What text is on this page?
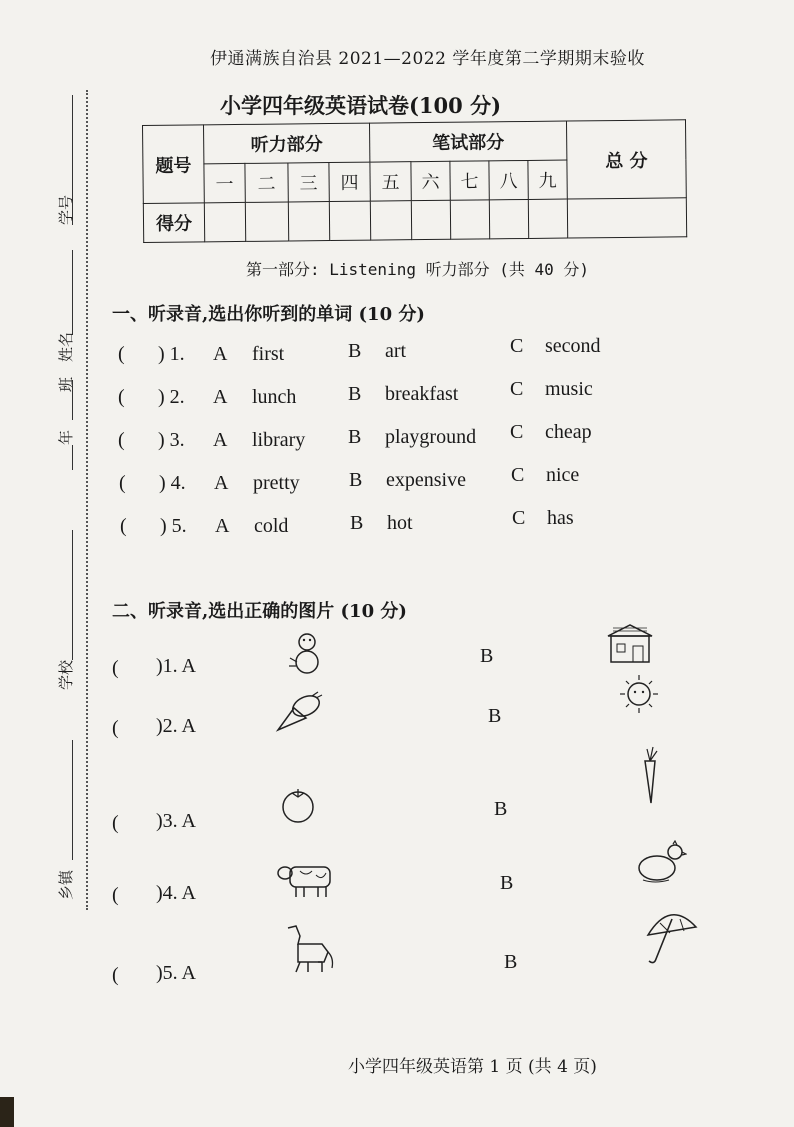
学号
姓名
班
年
学校
乡镇
伊通满族自治县 2021—2022 学年度第二学期期末验收
小学四年级英语试卷(100 分)
题号	听力部分				笔试部分					总 分
	一	二	三	四	五	六	七	八	九	
得分										
第一部分: Listening 听力部分 (共 40 分)
一、听录音,选出你听到的单词 (10 分)
( ) 1. A first	B art	C second
( ) 2. A lunch	B breakfast	C music
( ) 3. A library B playground C cheap
( ) 4. A pretty B expensive C nice
( ) 5. A cold	B hot	C has
二、听录音,选出正确的图片 (10 分)
( )1. A	B
( )2. A	B
( )3. A
B
( )4. A	B
( )5. A	B
小学四年级英语第 1 页 (共 4 页)
